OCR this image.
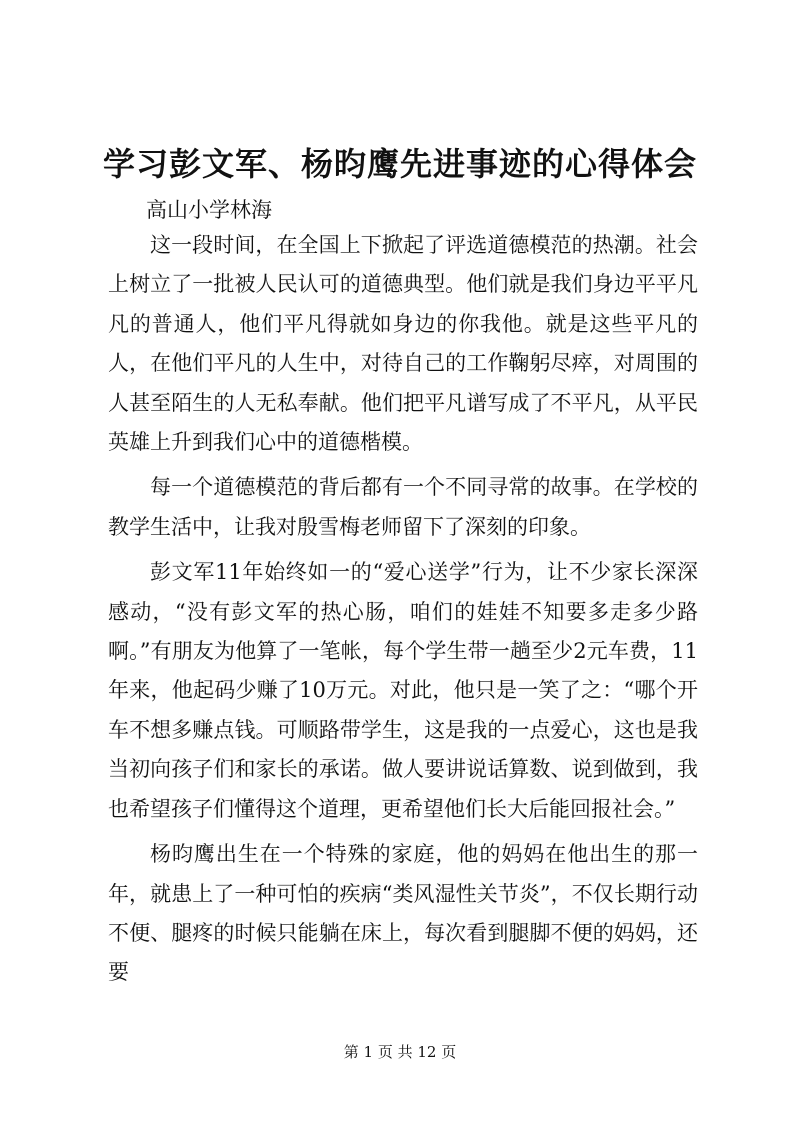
学习彭文军、杨昀鹰先进事迹的心得体会
高山小学林海

这一段时间，在全国上下掀起了评选道德模范的热潮。社会上树立了一批被人民认可的道德典型。他们就是我们身边平平凡凡的普通人，他们平凡得就如身边的你我他。就是这些平凡的人，在他们平凡的人生中，对待自己的工作鞠躬尽瘁，对周围的人甚至陌生的人无私奉献。他们把平凡谱写成了不平凡，从平民英雄上升到我们心中的道德楷模。

每一个道德模范的背后都有一个不同寻常的故事。在学校的教学生活中，让我对殷雪梅老师留下了深刻的印象。

彭文军11年始终如一的“爱心送学”行为，让不少家长深深感动，“没有彭文军的热心肠，咱们的娃娃不知要多走多少路啊。”有朋友为他算了一笔帐，每个学生带一趟至少2元车费，11年来，他起码少赚了10万元。对此，他只是一笑了之：“哪个开车不想多赚点钱。可顺路带学生，这是我的一点爱心，这也是我当初向孩子们和家长的承诺。做人要讲说话算数、说到做到，我也希望孩子们懂得这个道理，更希望他们长大后能回报社会。”

杨昀鹰出生在一个特殊的家庭，他的妈妈在他出生的那一年，就患上了一种可怕的疾病“类风湿性关节炎”，不仅长期行动不便、腿疼的时候只能躺在床上，每次看到腿脚不便的妈妈，还要

第 1 页 共 12 页
